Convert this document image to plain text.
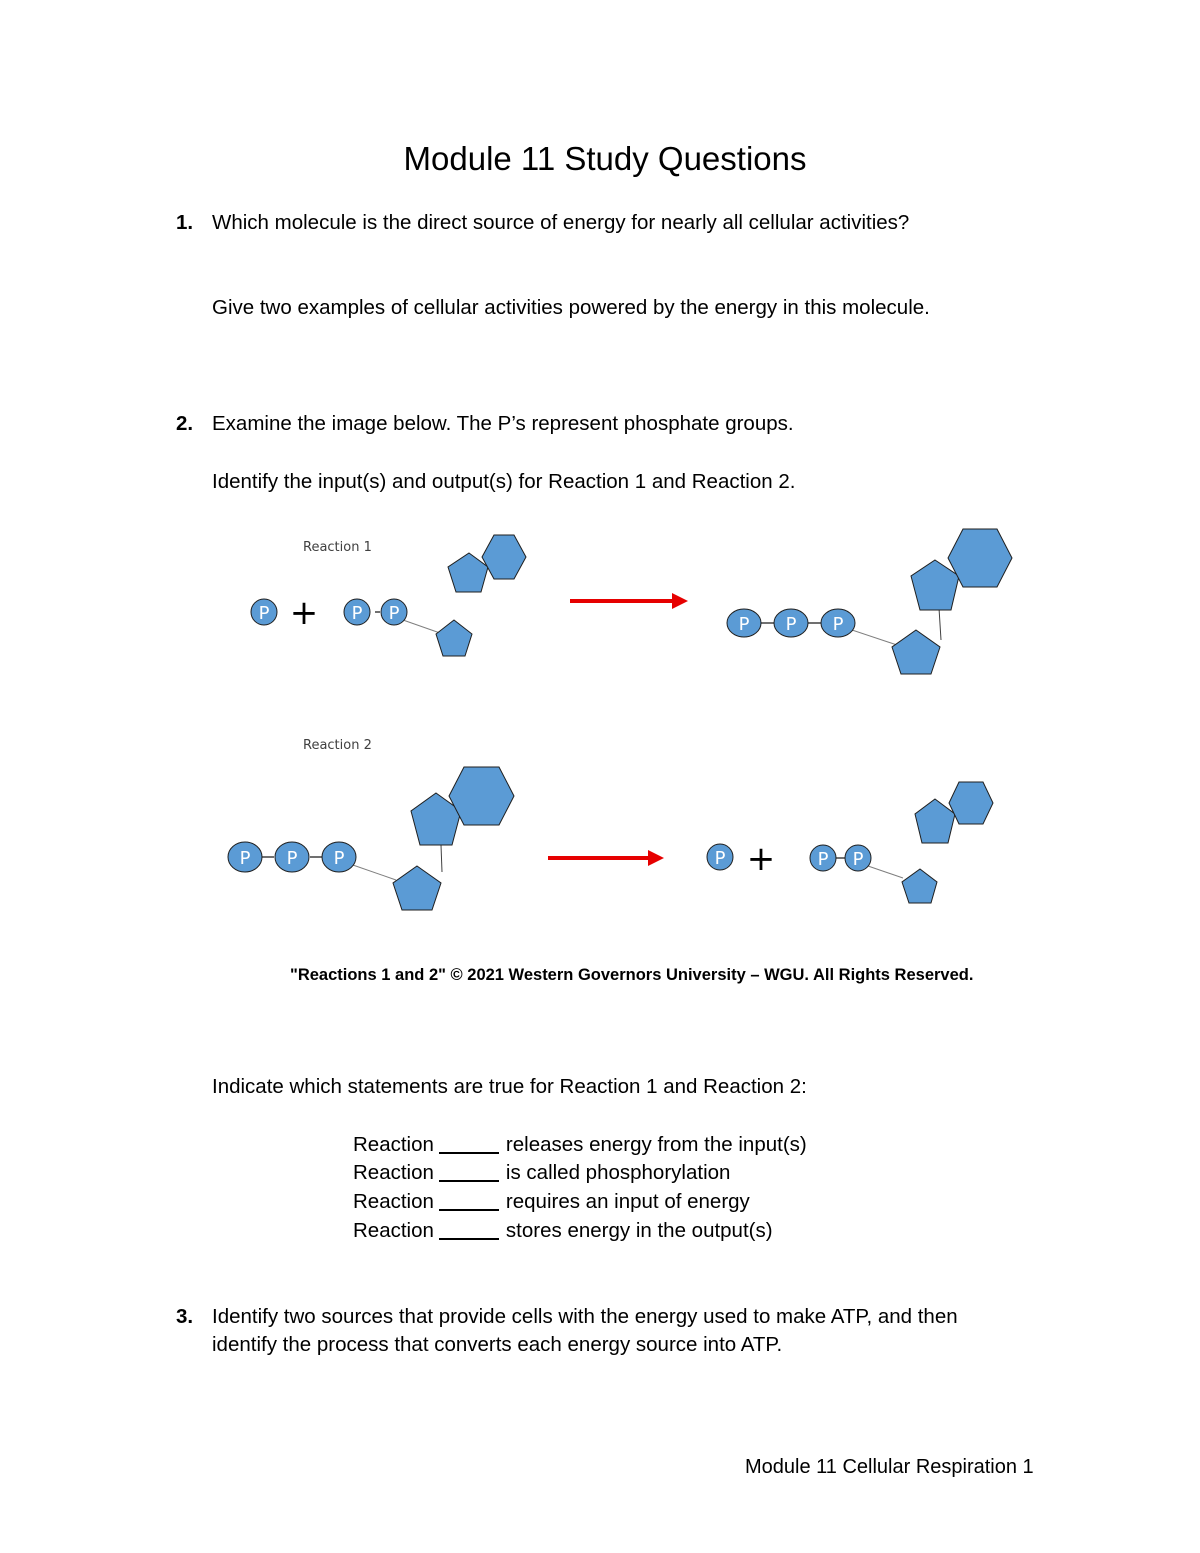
Module 11 Study Questions
1. Which molecule is the direct source of energy for nearly all cellular activities?
Give two examples of cellular activities powered by the energy in this molecule.
2. Examine the image below. The P’s represent phosphate groups.
Identify the input(s) and output(s) for Reaction 1 and Reaction 2.
Reaction 1
P + P P
P P P
Reaction 2
P P P	P + P P
"Reactions 1 and 2" © 2021 Western Governors University – WGU. All Rights Reserved.
Indicate which statements are true for Reaction 1 and Reaction 2:
Reaction	releases energy from the input(s)
Reaction	is called phosphorylation
Reaction	requires an input of energy
Reaction	stores energy in the output(s)
3. Identify two sources that provide cells with the energy used to make ATP, and then
identify the process that converts each energy source into ATP.
Module 11 Cellular Respiration 1
